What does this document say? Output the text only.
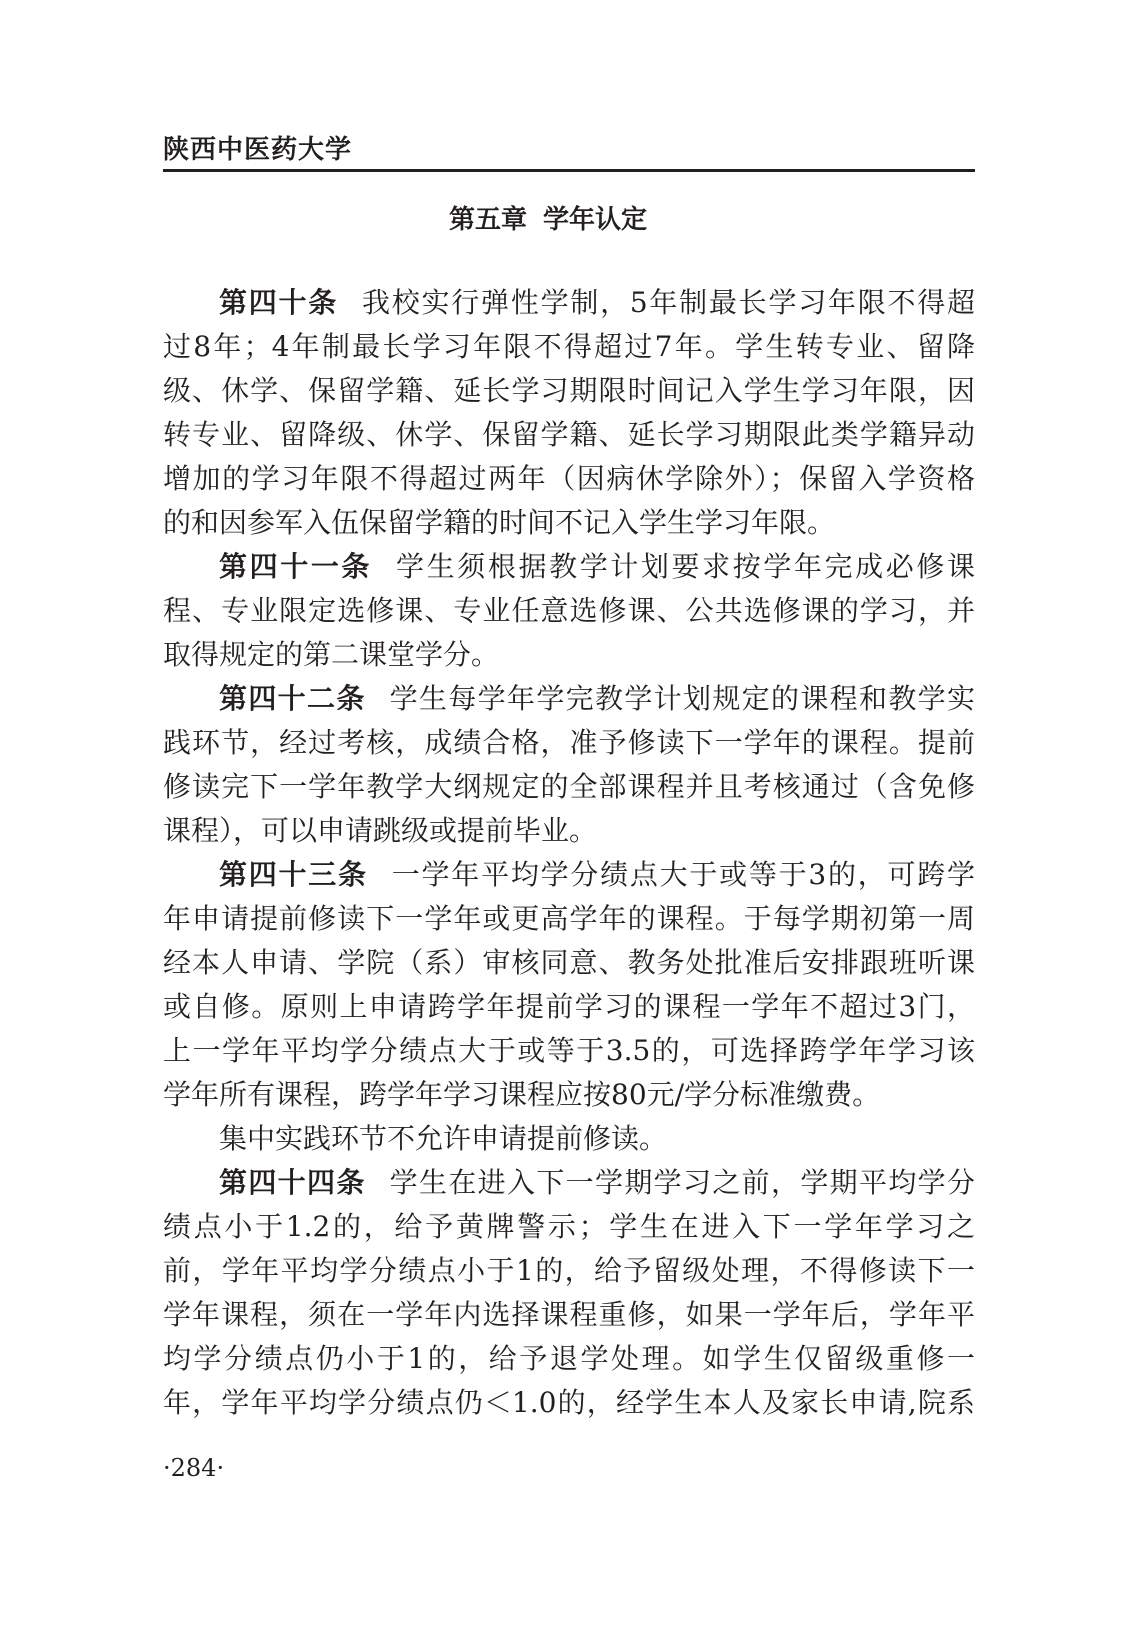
陕西中医药大学
第五章 学年认定
第四十条 我校实行弹性学制，5年制最长学习年限不得超
过8年；4年制最长学习年限不得超过7年。学生转专业、留降
级、休学、保留学籍、延长学习期限时间记入学生学习年限，因
转专业、留降级、休学、保留学籍、延长学习期限此类学籍异动
增加的学习年限不得超过两年（因病休学除外）；保留入学资格
的和因参军入伍保留学籍的时间不记入学生学习年限。
第四十一条 学生须根据教学计划要求按学年完成必修课
程、专业限定选修课、专业任意选修课、公共选修课的学习，并
取得规定的第二课堂学分。
第四十二条 学生每学年学完教学计划规定的课程和教学实
践环节，经过考核，成绩合格，准予修读下一学年的课程。提前
修读完下一学年教学大纲规定的全部课程并且考核通过（含免修
课程），可以申请跳级或提前毕业。
第四十三条 一学年平均学分绩点大于或等于3的，可跨学
年申请提前修读下一学年或更高学年的课程。于每学期初第一周
经本人申请、学院（系）审核同意、教务处批准后安排跟班听课
或自修。原则上申请跨学年提前学习的课程一学年不超过3门，
上一学年平均学分绩点大于或等于3.5的，可选择跨学年学习该
学年所有课程，跨学年学习课程应按80元/学分标准缴费。
集中实践环节不允许申请提前修读。
第四十四条 学生在进入下一学期学习之前，学期平均学分
绩点小于1.2的，给予黄牌警示；学生在进入下一学年学习之
前，学年平均学分绩点小于1的，给予留级处理，不得修读下一
学年课程，须在一学年内选择课程重修，如果一学年后，学年平
均学分绩点仍小于1的，给予退学处理。如学生仅留级重修一
年，学年平均学分绩点仍＜1.0的，经学生本人及家长申请,院系
·284·
